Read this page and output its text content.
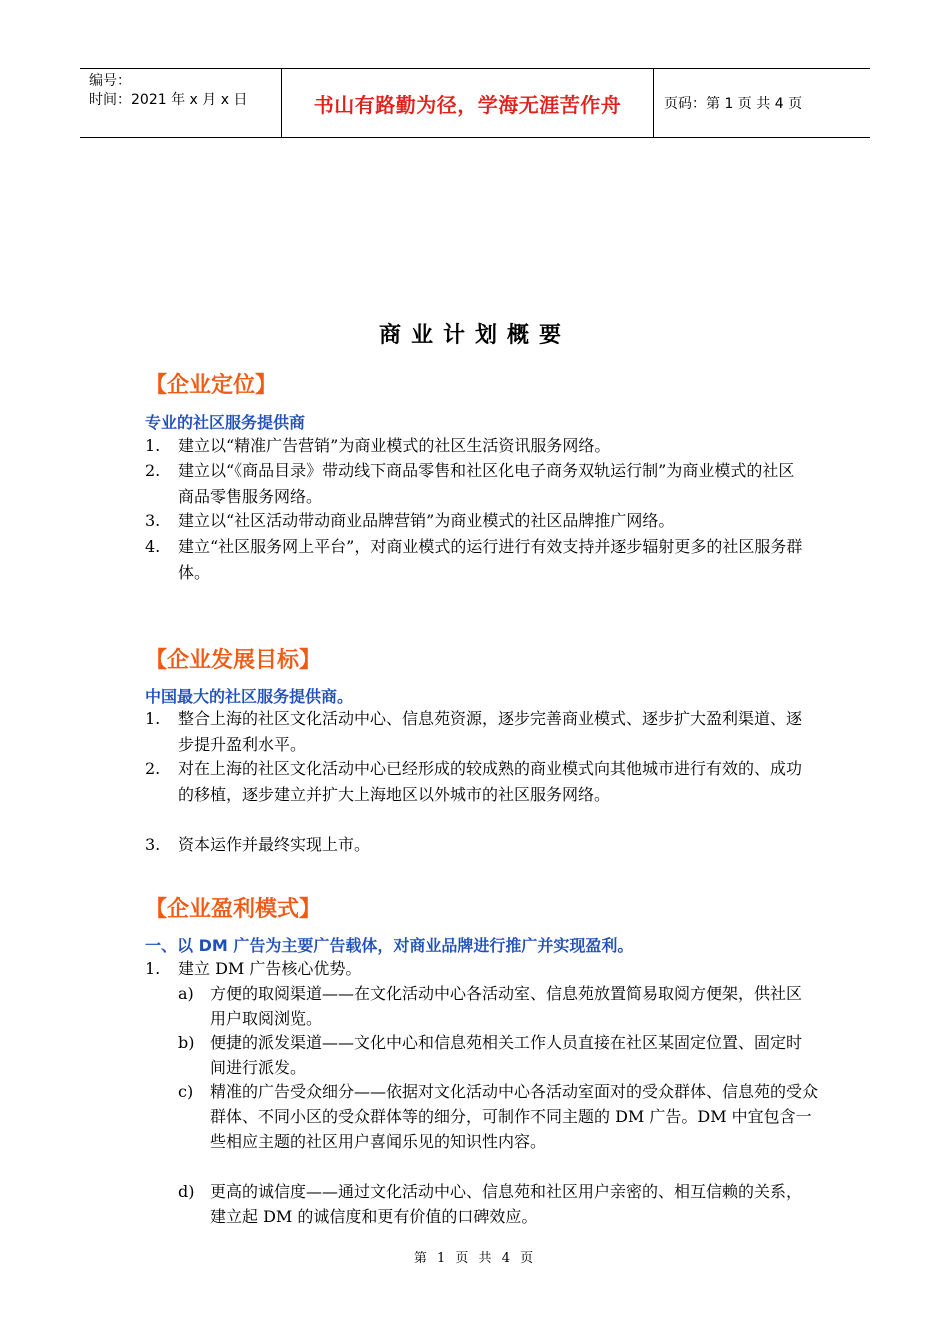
编号：
时间：2021 年 x 月 x 日	书山有路勤为径，学海无涯苦作舟	页码：第 1 页 共 4 页
商业计划概要
【企业定位】
专业的社区服务提供商
1. 建立以“精准广告营销”为商业模式的社区生活资讯服务网络。
2. 建立以“《商品目录》带动线下商品零售和社区化电子商务双轨运行制”为商业模式的社区商品零售服务网络。
3. 建立以“社区活动带动商业品牌营销”为商业模式的社区品牌推广网络。
4. 建立“社区服务网上平台”，对商业模式的运行进行有效支持并逐步辐射更多的社区服务群体。
【企业发展目标】
中国最大的社区服务提供商。
1. 整合上海的社区文化活动中心、信息苑资源，逐步完善商业模式、逐步扩大盈利渠道、逐步提升盈利水平。
2. 对在上海的社区文化活动中心已经形成的较成熟的商业模式向其他城市进行有效的、成功的移植，逐步建立并扩大上海地区以外城市的社区服务网络。
3. 资本运作并最终实现上市。
【企业盈利模式】
一、以 DM 广告为主要广告载体，对商业品牌进行推广并实现盈利。
1. 建立 DM 广告核心优势。
a) 方便的取阅渠道——在文化活动中心各活动室、信息苑放置简易取阅方便架，供社区用户取阅浏览。
b) 便捷的派发渠道——文化中心和信息苑相关工作人员直接在社区某固定位置、固定时间进行派发。
c) 精准的广告受众细分——依据对文化活动中心各活动室面对的受众群体、信息苑的受众群体、不同小区的受众群体等的细分，可制作不同主题的 DM 广告。DM 中宜包含一些相应主题的社区用户喜闻乐见的知识性内容。
d) 更高的诚信度——通过文化活动中心、信息苑和社区用户亲密的、相互信赖的关系，建立起 DM 的诚信度和更有价值的口碑效应。
第 1 页 共 4 页
